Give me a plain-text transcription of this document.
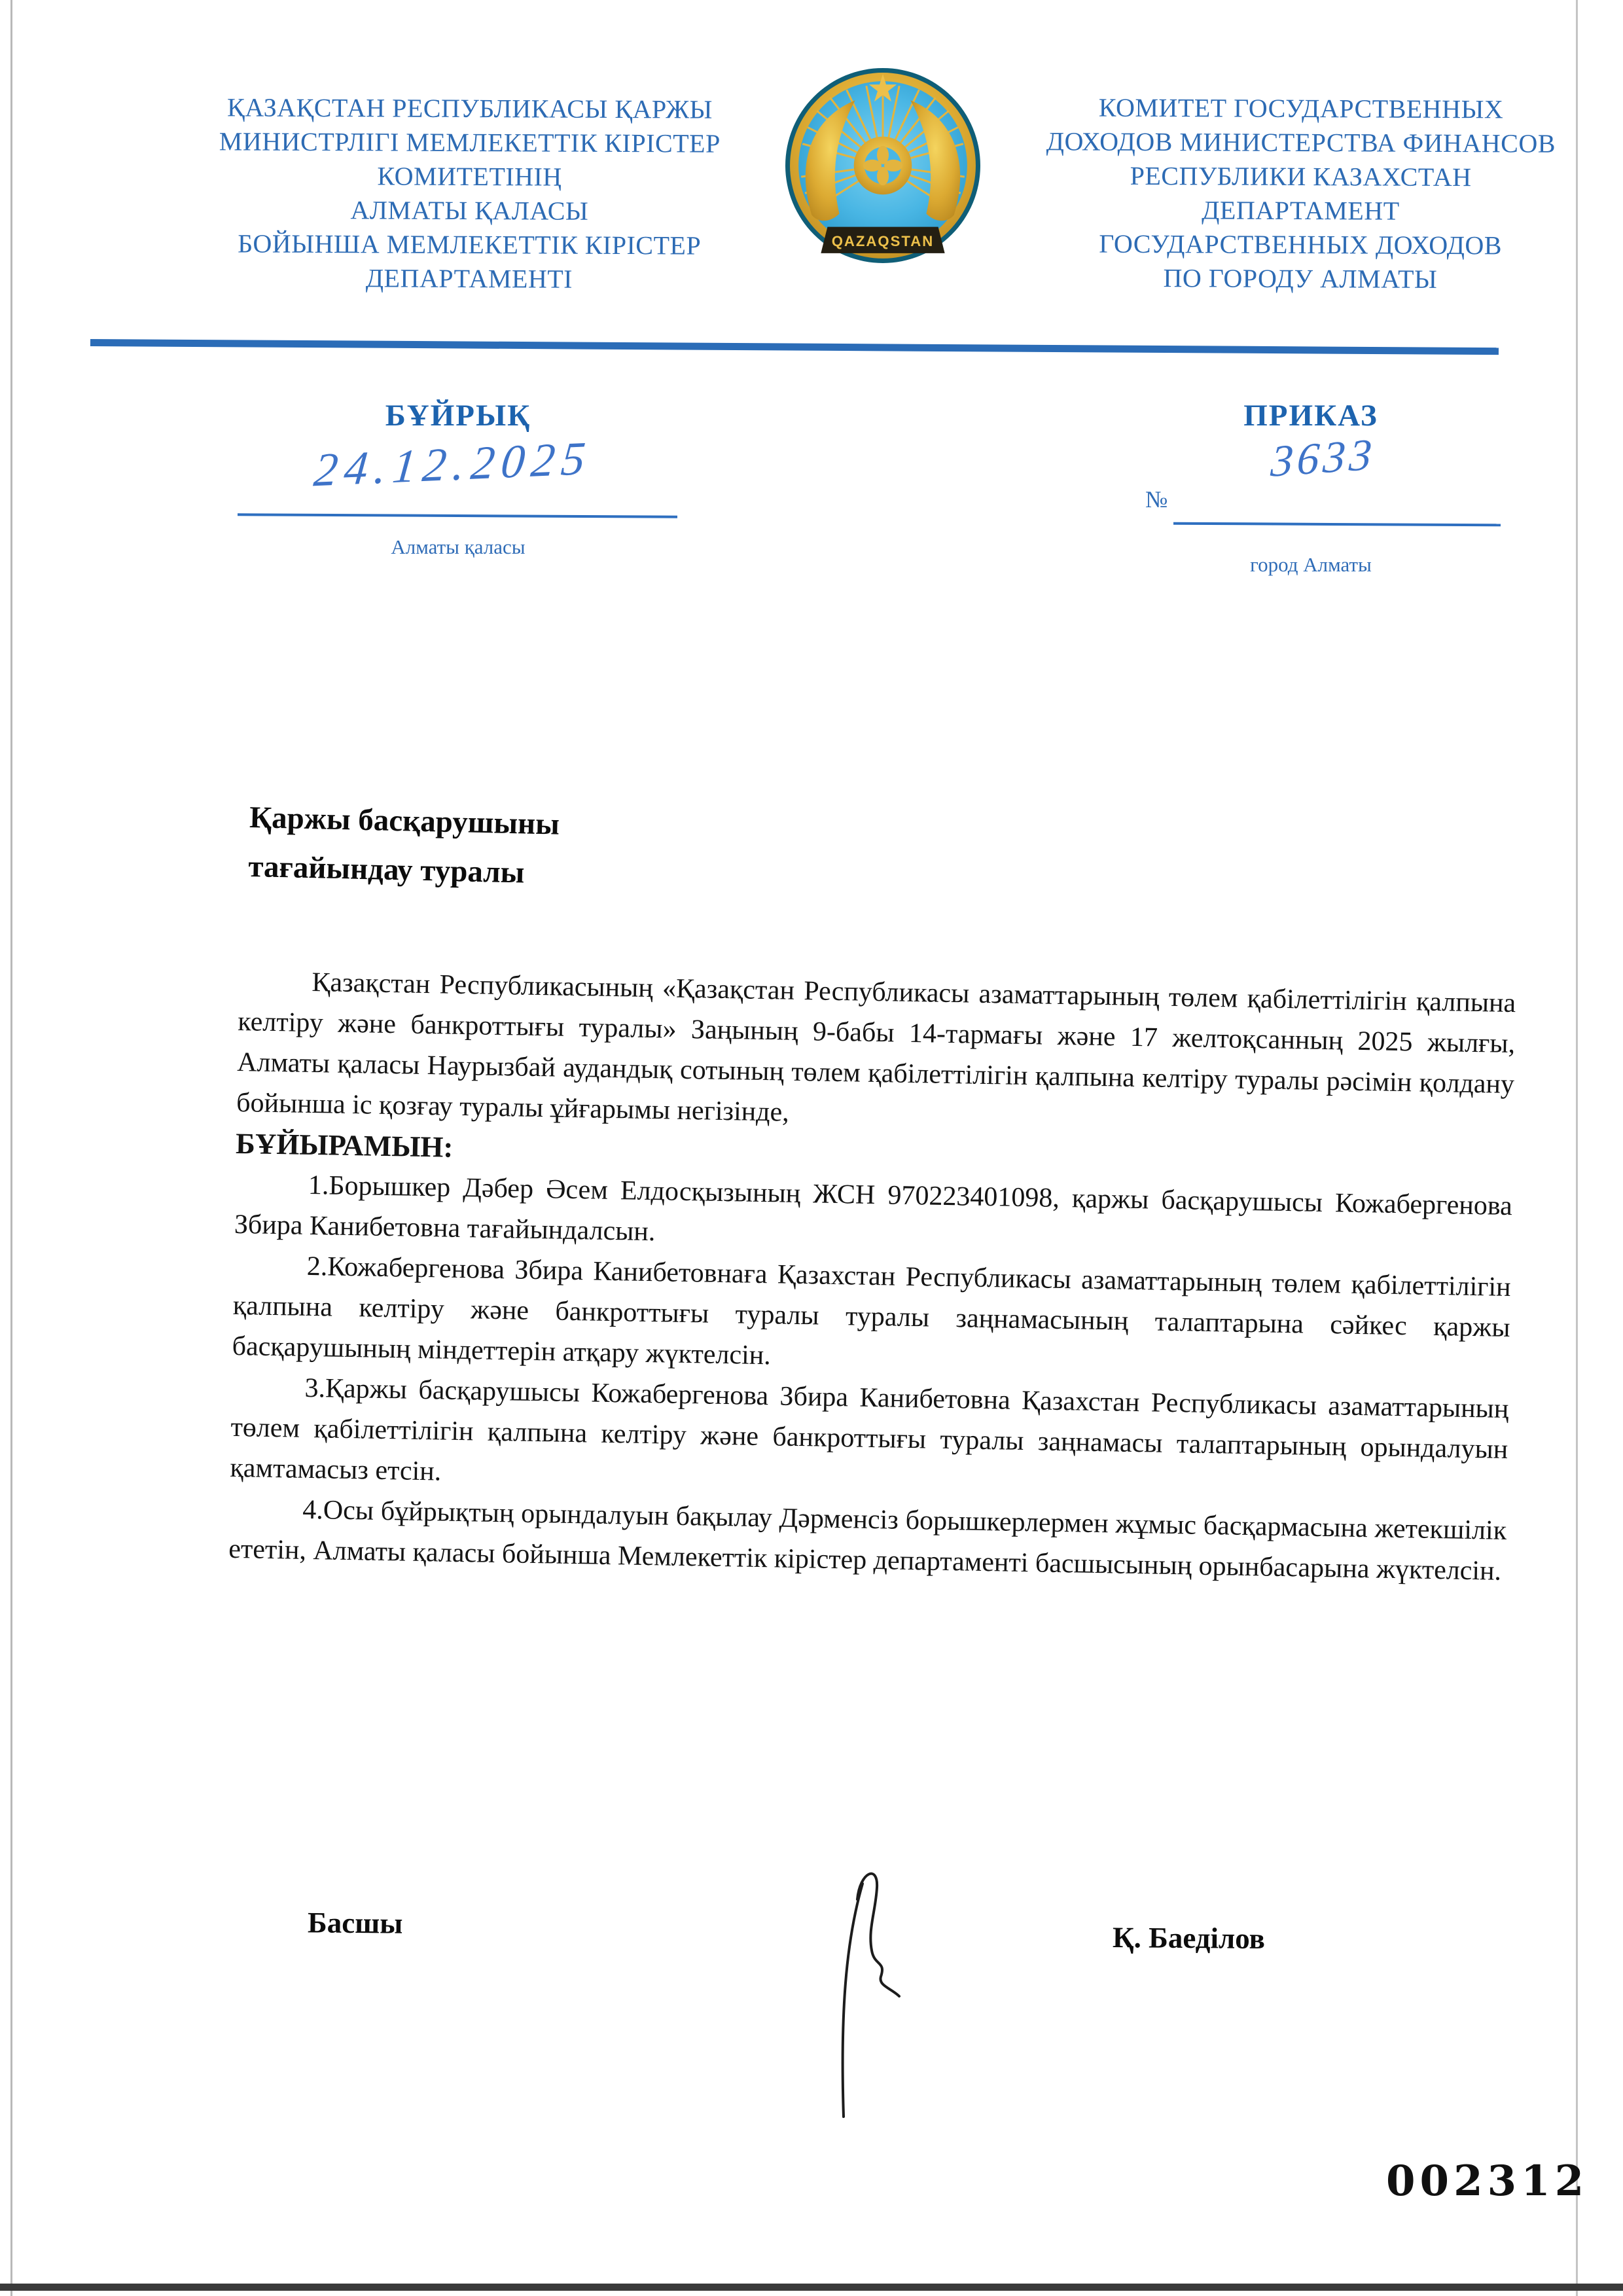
ҚАЗАҚСТАН РЕСПУБЛИКАСЫ ҚАРЖЫ
МИНИСТРЛІГІ МЕМЛЕКЕТТІК КІРІСТЕР
КОМИТЕТІНІҢ
АЛМАТЫ ҚАЛАСЫ
БОЙЫНША МЕМЛЕКЕТТІК КІРІСТЕР
ДЕПАРТАМЕНТІ
QAZAQSTAN
КОМИТЕТ ГОСУДАРСТВЕННЫХ
ДОХОДОВ МИНИСТЕРСТВА ФИНАНСОВ
РЕСПУБЛИКИ КАЗАХСТАН
ДЕПАРТАМЕНТ
ГОСУДАРСТВЕННЫХ ДОХОДОВ
ПО ГОРОДУ АЛМАТЫ
БҰЙРЫҚ
24.12.2025
Алматы қаласы
ПРИКАЗ
№
3633
город Алматы
Қаржы басқарушыны
тағайындау туралы

Қазақстан Республикасының «Қазақстан Республикасы азаматтарының төлем қабілеттілігін қалпына келтіру және банкроттығы туралы» Заңының 9-бабы 14-тармағы және 17 желтоқсанның 2025 жылғы, Алматы қаласы Наурызбай аудандық сотының төлем қабілеттілігін қалпына келтіру туралы рәсімін қолдану бойынша іс қозғау туралы ұйғарымы негізінде,

БҰЙЫРАМЫН:

1.Борышкер Дәбер Әсем Елдосқызының ЖСН 970223401098, қаржы басқарушысы Кожабергенова Збира Канибетовна тағайындалсын.

2.Кожабергенова Збира Канибетовнаға Қазахстан Республикасы азаматтарының төлем қабілеттілігін қалпына келтіру және банкроттығы туралы туралы заңнамасының талаптарына сәйкес қаржы басқарушының міндеттерін атқару жүктелсін.

3.Қаржы басқарушысы Кожабергенова Збира Канибетовна Қазахстан Республикасы азаматтарының төлем қабілеттілігін қалпына келтіру және банкроттығы туралы заңнамасы талаптарының орындалуын қамтамасыз етсін.

4.Осы бұйрықтың орындалуын бақылау Дәрменсіз борышкерлермен жұмыс басқармасына жетекшілік ететін, Алматы қаласы бойынша Мемлекеттік кірістер департаменті басшысының орынбасарына жүктелсін.

Басшы	Қ. Баеділов
002312
